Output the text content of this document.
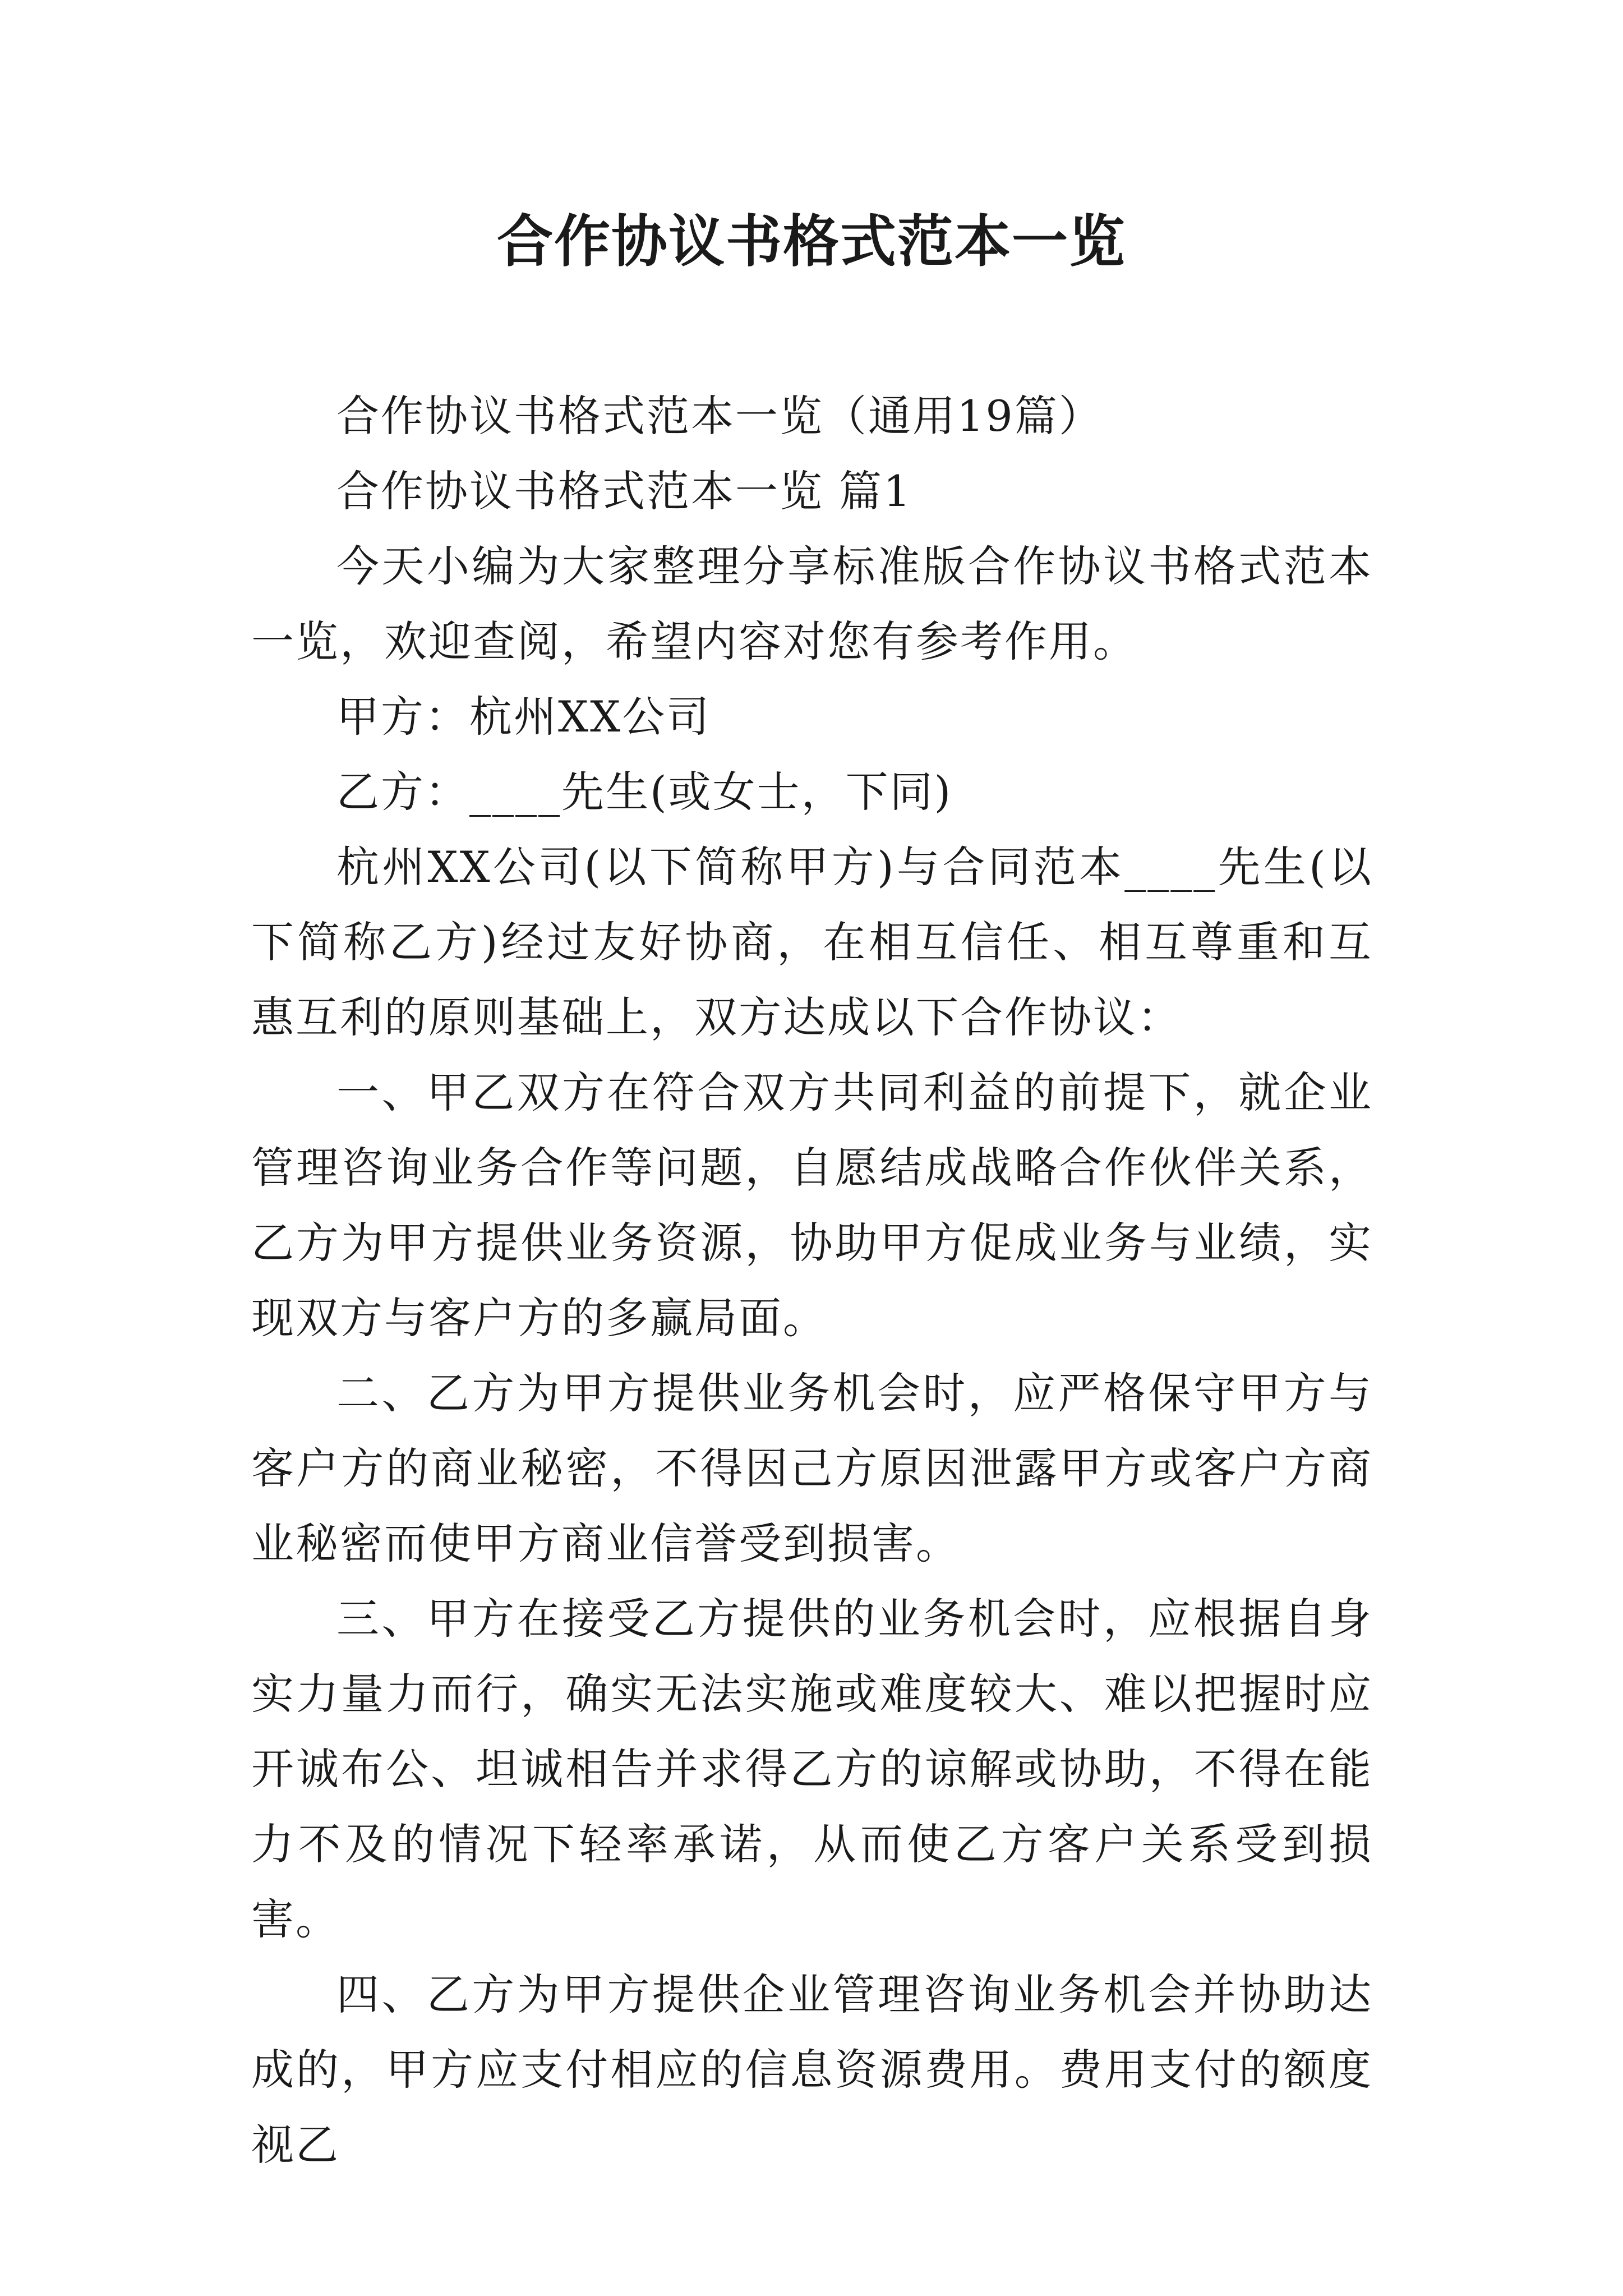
合作协议书格式范本一览

合作协议书格式范本一览（通用19篇）

合作协议书格式范本一览 篇1

今天小编为大家整理分享标准版合作协议书格式范本一览，欢迎查阅，希望内容对您有参考作用。

甲方：杭州XX公司

乙方：____先生(或女士，下同)

杭州XX公司(以下简称甲方)与合同范本____先生(以下简称乙方)经过友好协商，在相互信任、相互尊重和互惠互利的原则基础上，双方达成以下合作协议：

一、甲乙双方在符合双方共同利益的前提下，就企业管理咨询业务合作等问题，自愿结成战略合作伙伴关系，乙方为甲方提供业务资源，协助甲方促成业务与业绩，实现双方与客户方的多赢局面。

二、乙方为甲方提供业务机会时，应严格保守甲方与客户方的商业秘密，不得因己方原因泄露甲方或客户方商业秘密而使甲方商业信誉受到损害。

三、甲方在接受乙方提供的业务机会时，应根据自身实力量力而行，确实无法实施或难度较大、难以把握时应开诚布公、坦诚相告并求得乙方的谅解或协助，不得在能力不及的情况下轻率承诺，从而使乙方客户关系受到损害。

四、乙方为甲方提供企业管理咨询业务机会并协助达成的，甲方应支付相应的信息资源费用。费用支付的额度视乙
